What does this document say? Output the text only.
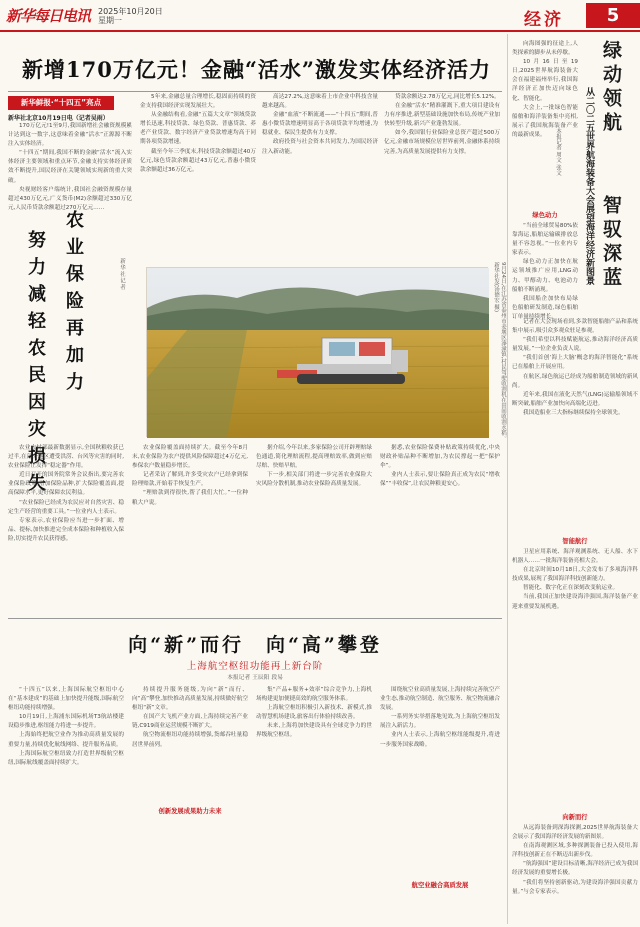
新华每日电讯 2025年10月20日
星期一	经济	5
新增170万亿元！金融“活水”激发实体经济活力
新华鲜报·“十四五”亮点
新华社北京10月19日电（记者吴雨）

170万亿元!1至9月,我国新增社会融资规模累计达到这一数字,这意味着金融“活水”正源源不断注入实体经济。

“十四五”期间,我国不断的金融“活水”流入实体经济主要领域和重点环节,金融支持实体经济质效不断提升,国民经济在关键领域实现新的重大突破。

央视财经客户端统计,我国社会融资规模存量超过430万亿元,广义货币(M2)余额超过330万亿元,人民币贷款余额超过270万亿元……

5年来,金融总量合理增长,稳固而持续的资金支持我国经济实现发展壮大。

从金融结构看,金融“五篇大文章”领域贷款增长迅速,科技贷款、绿色贷款、普惠贷款、养老产业贷款、数字经济产业贷款增速均高于同期各项贷款增速。

截至今年三季度末,科技贷款余额超过40万亿元,绿色贷款余额超过43万亿元,普惠小微贷款余额超过36万亿元。

高达27.2%,这意味着上市企业中科技含量越来越高。

金融“血液”不断流通——“十四五”期间,普惠小微贷款增速明显高于各项贷款平均增速,为稳就业、保民生提供有力支撑。

政府投资与社会资本共同发力,为国民经济注入新动能。

贷款余额达2.78万亿元,同比增长5.12%。

在金融“活水”精准灌溉下,重大项目建设有力有序推进,新型基础设施加快布局,传统产业加快转型升级,新兴产业蓬勃发展。

如今,我国银行业保险业总资产超过500万亿元,金融市场规模位居世界前列,金融体系持续完善,为高质量发展提供有力支撑。

农业保险再加力
努力减轻农民因灾损失	新华社记者	9月24日,在江苏省泰州市姜堰区溱潼镇,村民驾驶收割机在田间收割水稻。新华社发(汤德宏 摄)

农业农村部最新数据显示,全国秋粮收获已过半,在部分地区遭受洪涝、台风等灾害的同时,农业保险正发挥“稳定器”作用。

近日召开的国务院常务会议指出,要完善农业保险政策,增加保险品种,扩大保险覆盖面,提高保障水平,更好保障农民利益。

“农业保险已经成为农民应对自然灾害、稳定生产经营的重要工具。”一位业内人士表示。

专家表示,农业保险应当进一步扩面、增品、提标,加快推进完全成本保险和种植收入保险,切实提升农民获得感。

农业保险覆盖面持续扩大。截至今年8月末,农业保险为农户提供风险保障超过4万亿元,参保农户数量稳步增长。

记者采访了解到,许多受灾农户已经拿到保险理赔款,开始着手恢复生产。

“理赔款到得很快,帮了我们大忙。”一位种粮大户说。

据介绍,今年以来,多家保险公司开辟理赔绿色通道,简化理赔流程,提高理赔效率,做到应赔尽赔、快赔早赔。

下一步,相关部门将进一步完善农业保险大灾风险分散机制,推动农业保险高质量发展。

据悉,农业保险保费补贴政策持续优化,中央财政补贴品种不断增加,为农民撑起一把“保护伞”。

业内人士表示,要让保险真正成为农民“增收保”“丰收保”,让农民种粮更安心。

向“新”而行　向“高”攀登
上海航空枢纽功能再上新台阶
本报记者 王辰阳 段易

“十四五”以来,上海国际航空枢纽中心在“基本建成”的基础上加快提升能级,国际航空枢纽功能持续增强。

10月19日,上海浦东国际机场T3航站楼建设稳步推进,枢纽能力将进一步提升。

上海始终把航空业作为推动高质量发展的重要力量,持续优化航线网络、提升服务品质。

上海国际航空枢纽致力打造世界级航空枢纽,国际航线覆盖面持续扩大。

持续提升服务能级,为向“新”而行、向“高”攀登,加快推动高质量发展,持续做好航空枢纽“新”文章。

在国产大飞机产业方面,上海持续完善产业链,C919商业运营规模不断扩大。

航空物流枢纽功能持续增强,货邮吞吐量稳居世界前列。

创新发展成果助力未来

集“产品+服务+效率”综合竞争力,上海机场构建更加便捷高效的航空服务体系。

上海航空枢纽积极引入新技术、新模式,推动智慧机场建设,旅客出行体验持续改善。

未来,上海将加快建设具有全球竞争力的世界级航空枢纽。

航空业融合高质发展

围绕航空业高质量发展,上海持续完善航空产业生态,推动航空制造、航空服务、航空物流融合发展。

一系列务实举措落地见效,为上海航空枢纽发展注入新活力。

业内人士表示,上海航空枢纽能级提升,将进一步服务国家战略。

向海图强的征途上,人类探索的脚步从未停歇。

10月16日至19日,2025世界航海装备大会在福建福州举行,我国海洋经济正加快迈向绿色化、智能化。

大会上,一批绿色智能船舶和海洋装备集中亮相,展示了我国航海装备产业的最新成果。	绿动领航
智驭深蓝
从二〇二五世界航海装备大会展望海洋经济新图景
本报记者 周文 张文
绿色动力

“当前全球贸易80%依靠海运,船舶运输碳排放总量不容忽视。”一位业内专家表示。

绿色动力正加快在航运领域推广应用,LNG动力、甲醇动力、电池动力船舶不断涌现。

我国船企加快布局绿色船舶研发制造,绿色船舶订单量持续增长。

记者在大会现场看到,多款智能船舶产品和系统集中展示,吸引众多观众驻足参观。

“我们希望以科技赋能航运,推动海洋经济高质量发展。”一位企业负责人说。

“我们首创‘海上大脑’概念的海洋智能化”系统已在船舶上开展应用。

在航区,绿色航运已经成为船舶制造领域的新风尚。

近年来,我国在液化天然气(LNG)运输船领域不断突破,船舶产业加快向高端化迈进。

我国造船业三大指标继续保持全球领先。

智能航行

卫星应用系统、海洋观测系统、无人船、水下机器人……一批海洋装备亮相大会。

在北京时间10月18日,大会发布了多项海洋科技成果,展现了我国海洋科技创新能力。

智能化、数字化正在深刻改变航运业。

当前,我国正加快建设海洋强国,海洋装备产业迎来重要发展机遇。

向新而行

从远海装备到深海探测,2025世界航海装备大会展示了我国海洋经济发展的新图景。

在南海观测区域,多种探测装备已投入使用,海洋科技创新正在不断迈出新步伐。

“航海强国”建设目标清晰,海洋经济已成为我国经济发展的重要增长极。

“我们将坚持创新驱动,为建设海洋强国贡献力量。”与会专家表示。
